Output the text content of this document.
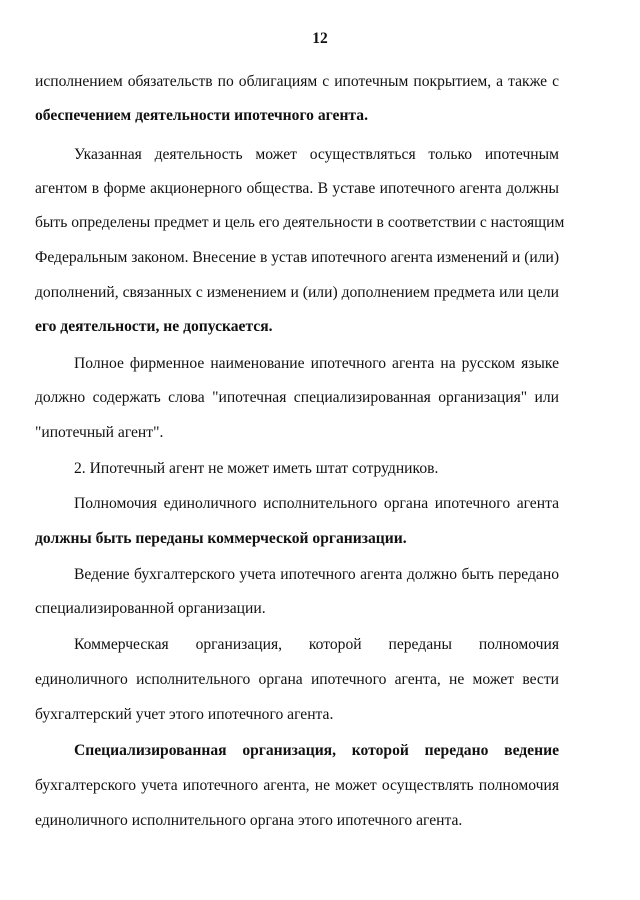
12
исполнением обязательств по облигациям с ипотечным покрытием, а также с
обеспечением деятельности ипотечного агента.
Указанная деятельность может осуществляться только ипотечным
агентом в форме акционерного общества. В уставе ипотечного агента должны
быть определены предмет и цель его деятельности в соответствии с настоящим
Федеральным законом. Внесение в устав ипотечного агента изменений и (или)
дополнений, связанных с изменением и (или) дополнением предмета или цели
его деятельности, не допускается.
Полное фирменное наименование ипотечного агента на русском языке
должно содержать слова "ипотечная специализированная организация" или
"ипотечный агент".
2. Ипотечный агент не может иметь штат сотрудников.
Полномочия единоличного исполнительного органа ипотечного агента
должны быть переданы коммерческой организации.
Ведение бухгалтерского учета ипотечного агента должно быть передано
специализированной организации.
Коммерческая организация, которой переданы полномочия
единоличного исполнительного органа ипотечного агента, не может вести
бухгалтерский учет этого ипотечного агента.
Специализированная организация, которой передано ведение
бухгалтерского учета ипотечного агента, не может осуществлять полномочия
единоличного исполнительного органа этого ипотечного агента.
